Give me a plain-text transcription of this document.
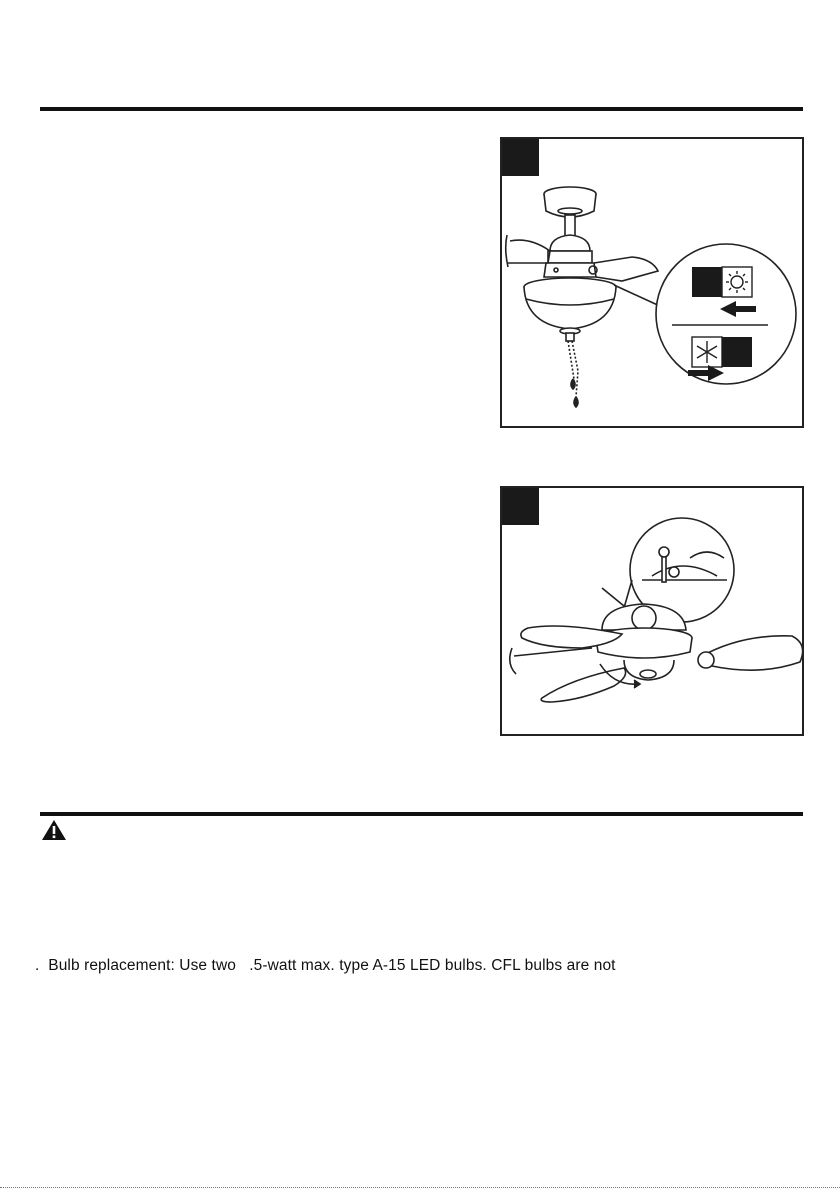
. Bulb replacement: Use two   .5-watt max. type A-15 LED bulbs. CFL bulbs are not
